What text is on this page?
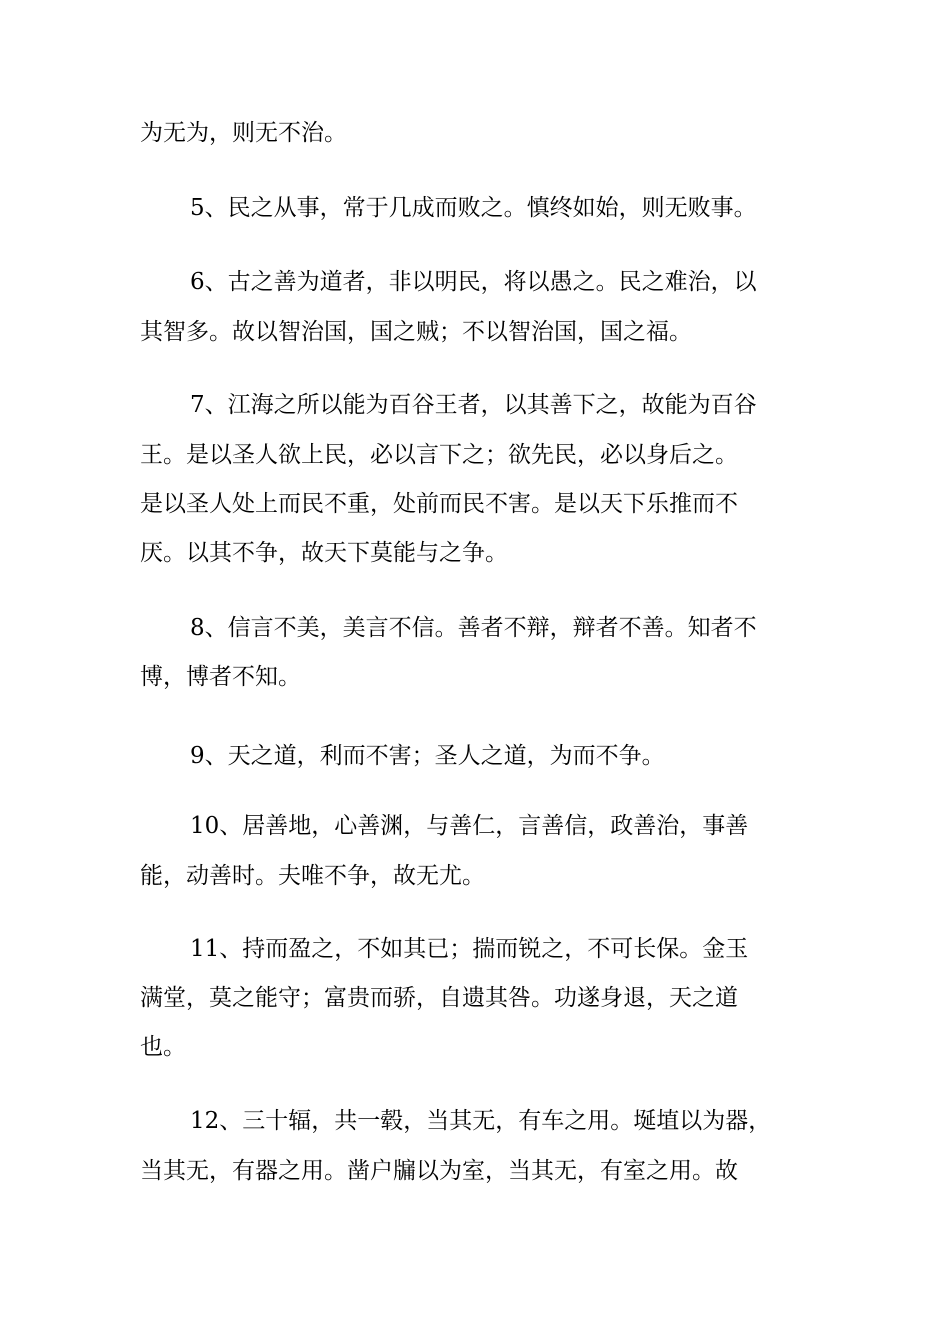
为无为，则无不治。
5、民之从事，常于几成而败之。慎终如始，则无败事。
6、古之善为道者，非以明民，将以愚之。民之难治，以
其智多。故以智治国，国之贼；不以智治国，国之福。
7、江海之所以能为百谷王者，以其善下之，故能为百谷
王。是以圣人欲上民，必以言下之；欲先民，必以身后之。
是以圣人处上而民不重，处前而民不害。是以天下乐推而不
厌。以其不争，故天下莫能与之争。
8、信言不美，美言不信。善者不辩，辩者不善。知者不
博，博者不知。
9、天之道，利而不害；圣人之道，为而不争。
10、居善地，心善渊，与善仁，言善信，政善治，事善
能，动善时。夫唯不争，故无尤。
11、持而盈之，不如其已；揣而锐之，不可长保。金玉
满堂，莫之能守；富贵而骄，自遗其咎。功遂身退，天之道
也。
12、三十辐，共一毂，当其无，有车之用。埏埴以为器，
当其无，有器之用。凿户牖以为室，当其无，有室之用。故
